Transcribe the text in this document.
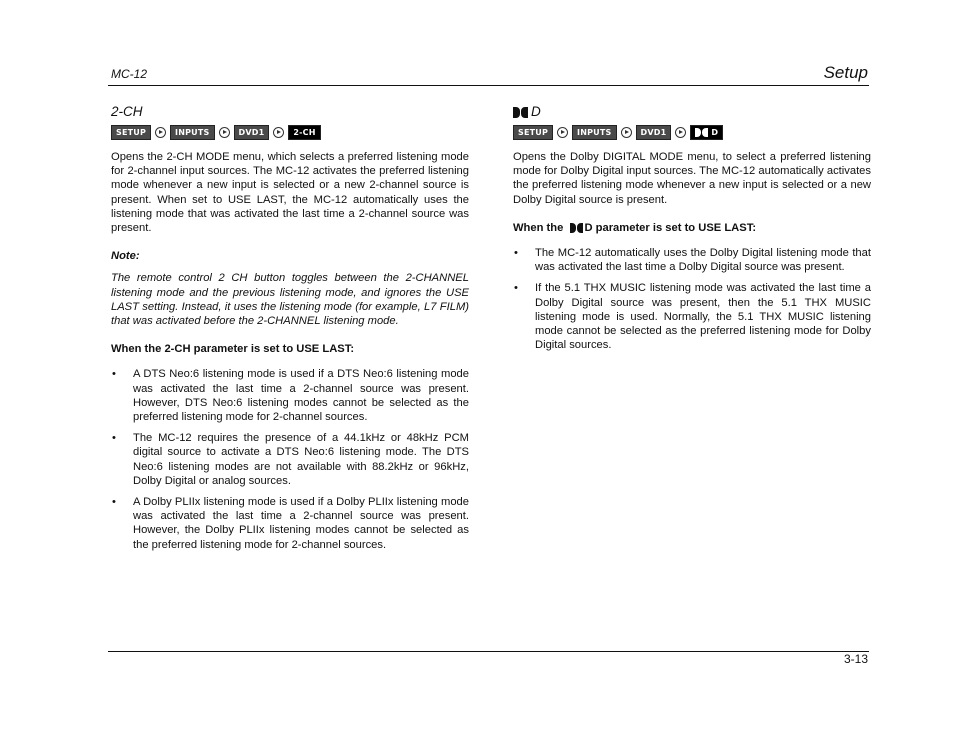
MC-12	Setup
2-CH
SETUP	INPUTS	DVD1	2-CH

Opens the 2-CH MODE menu, which selects a preferred listening mode for 2-channel input sources. The MC-12 activates the preferred listening mode whenever a new input is selected or a new 2-channel source is present. When set to USE LAST, the MC-12 automatically uses the listening mode that was activated the last time a 2-channel source was present.

Note:

The remote control 2 CH button toggles between the 2-CHANNEL listening mode and the previous listening mode, and ignores the USE LAST setting. Instead, it uses the listening mode (for example, L7 FILM) that was activated before the 2-CHANNEL listening mode.

When the 2-CH parameter is set to USE LAST:
• A DTS Neo:6 listening mode is used if a DTS Neo:6 listening mode was activated the last time a 2-channel source was present. However, DTS Neo:6 listening modes cannot be selected as the preferred listening mode for 2-channel sources.
• The MC-12 requires the presence of a 44.1kHz or 48kHz PCM digital source to activate a DTS Neo:6 listening mode. The DTS Neo:6 listening modes are not available with 88.2kHz or 96kHz, Dolby Digital or analog sources.
• A Dolby PLIIx listening mode is used if a Dolby PLIIx listening mode was activated the last time a 2-channel source was present. However, the Dolby PLIIx listening modes cannot be selected as the preferred listening mode for 2-channel sources.
D
SETUP	INPUTS	DVD1	D

Opens the Dolby DIGITAL MODE menu, to select a preferred listening mode for Dolby Digital input sources. The MC-12 automatically activates the preferred listening mode whenever a new input is selected or a new Dolby Digital source is present.

When the D parameter is set to USE LAST:
• The MC-12 automatically uses the Dolby Digital listening mode that was activated the last time a Dolby Digital source was present.
• If the 5.1 THX MUSIC listening mode was activated the last time a Dolby Digital source was present, then the 5.1 THX MUSIC listening mode is used. Normally, the 5.1 THX MUSIC listening mode cannot be selected as the preferred listening mode for Dolby Digital sources.
3-13
